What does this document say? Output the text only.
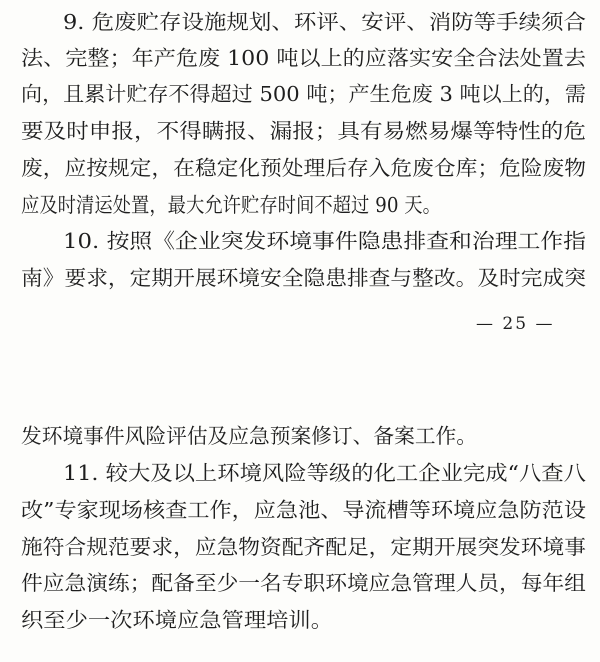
9. 危废贮存设施规划、环评、安评、消防等手续须合
法、完整；年产危废 100 吨以上的应落实安全合法处置去
向，且累计贮存不得超过 500 吨；产生危废 3 吨以上的，需
要及时申报，不得瞒报、漏报；具有易燃易爆等特性的危
废，应按规定，在稳定化预处理后存入危废仓库；危险废物
应及时清运处置，最大允许贮存时间不超过 90 天。
10. 按照《企业突发环境事件隐患排查和治理工作指
南》要求，定期开展环境安全隐患排查与整改。及时完成突
— 25 —
发环境事件风险评估及应急预案修订、备案工作。
11. 较大及以上环境风险等级的化工企业完成“八查八
改”专家现场核查工作，应急池、导流槽等环境应急防范设
施符合规范要求，应急物资配齐配足，定期开展突发环境事
件应急演练；配备至少一名专职环境应急管理人员，每年组
织至少一次环境应急管理培训。
